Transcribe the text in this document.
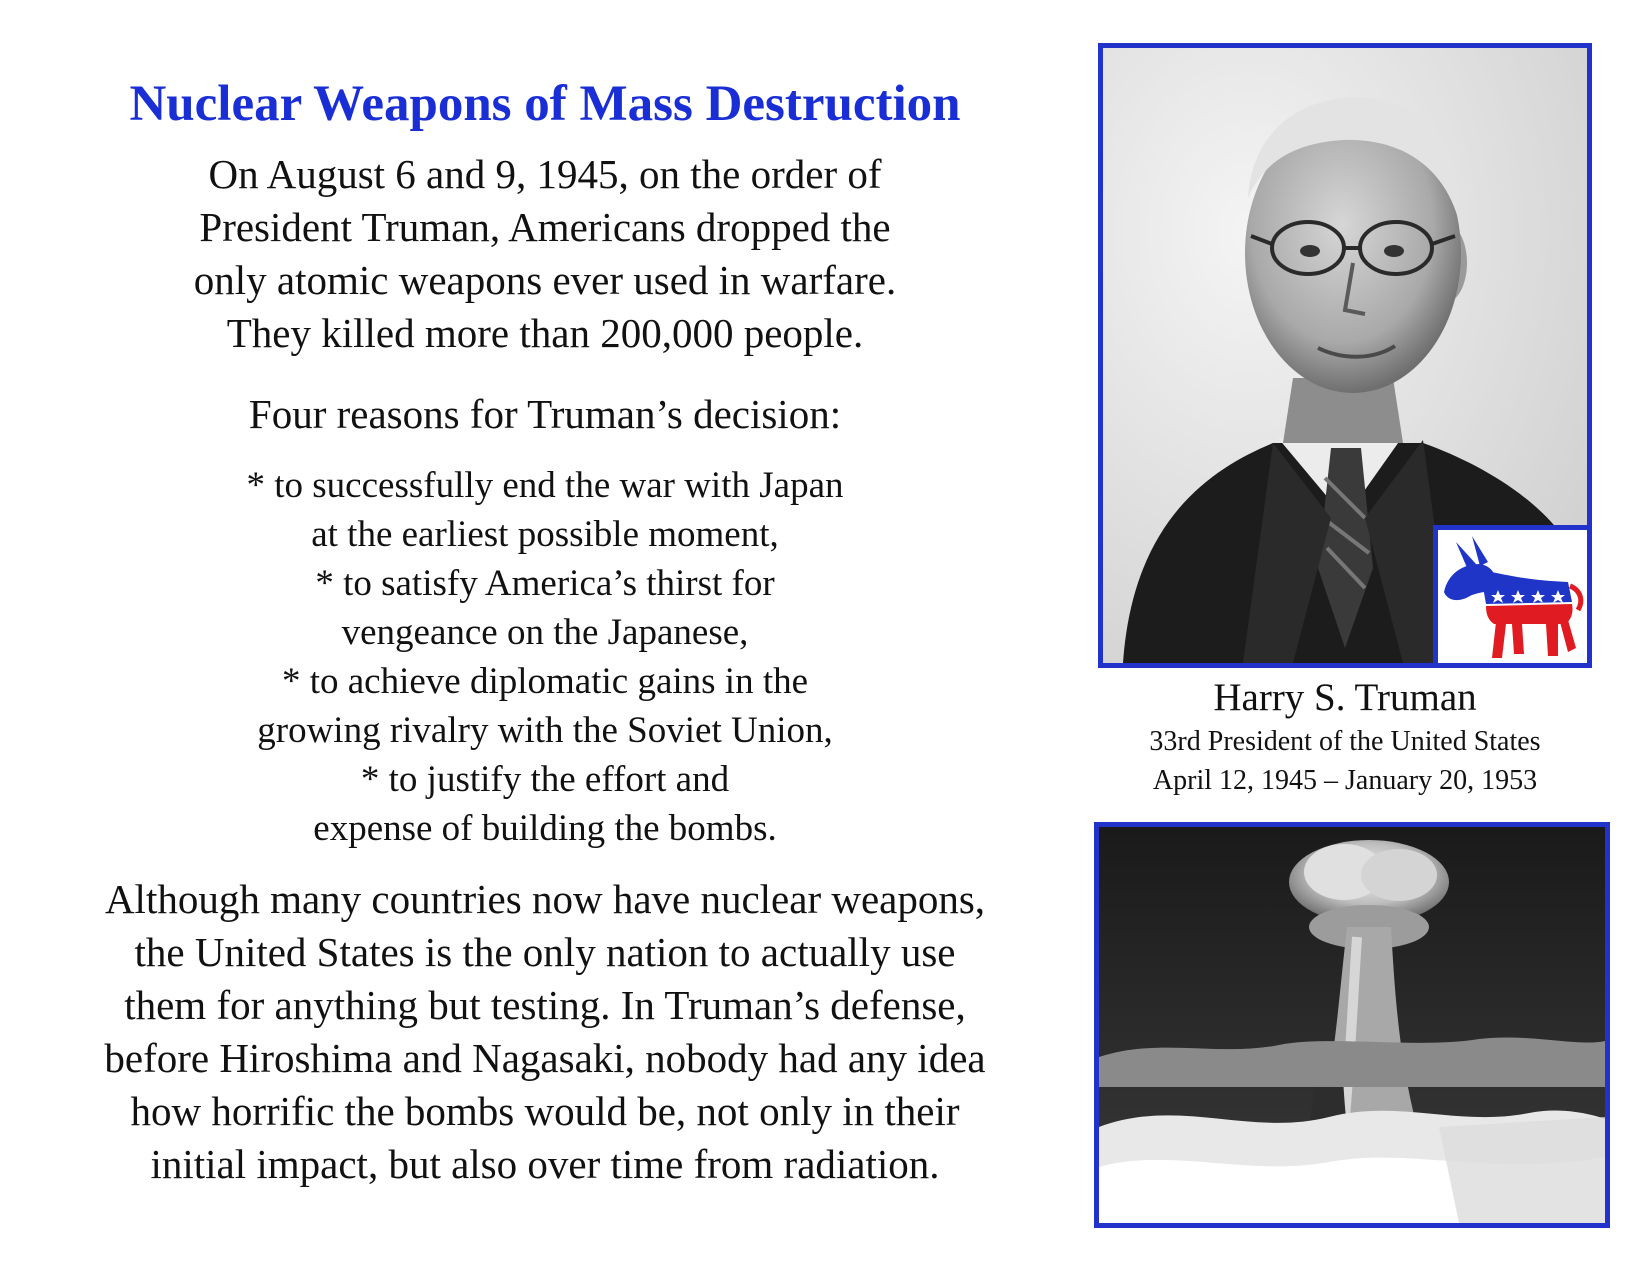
Nuclear Weapons of Mass Destruction
On August 6 and 9, 1945, on the order of
President Truman, Americans dropped the
only atomic weapons ever used in warfare.
They killed more than 200,000 people.
Four reasons for Truman’s decision:
* to successfully end the war with Japan
at the earliest possible moment,
* to satisfy America’s thirst for
vengeance on the Japanese,
* to achieve diplomatic gains in the
growing rivalry with the Soviet Union,
* to justify the effort and
expense of building the bombs.
Although many countries now have nuclear weapons,
the United States is the only nation to actually use
them for anything but testing. In Truman’s defense,
before Hiroshima and Nagasaki, nobody had any idea
how horrific the bombs would be, not only in their
initial impact, but also over time from radiation.
Harry S. Truman
33rd President of the United States
April 12, 1945 – January 20, 1953
